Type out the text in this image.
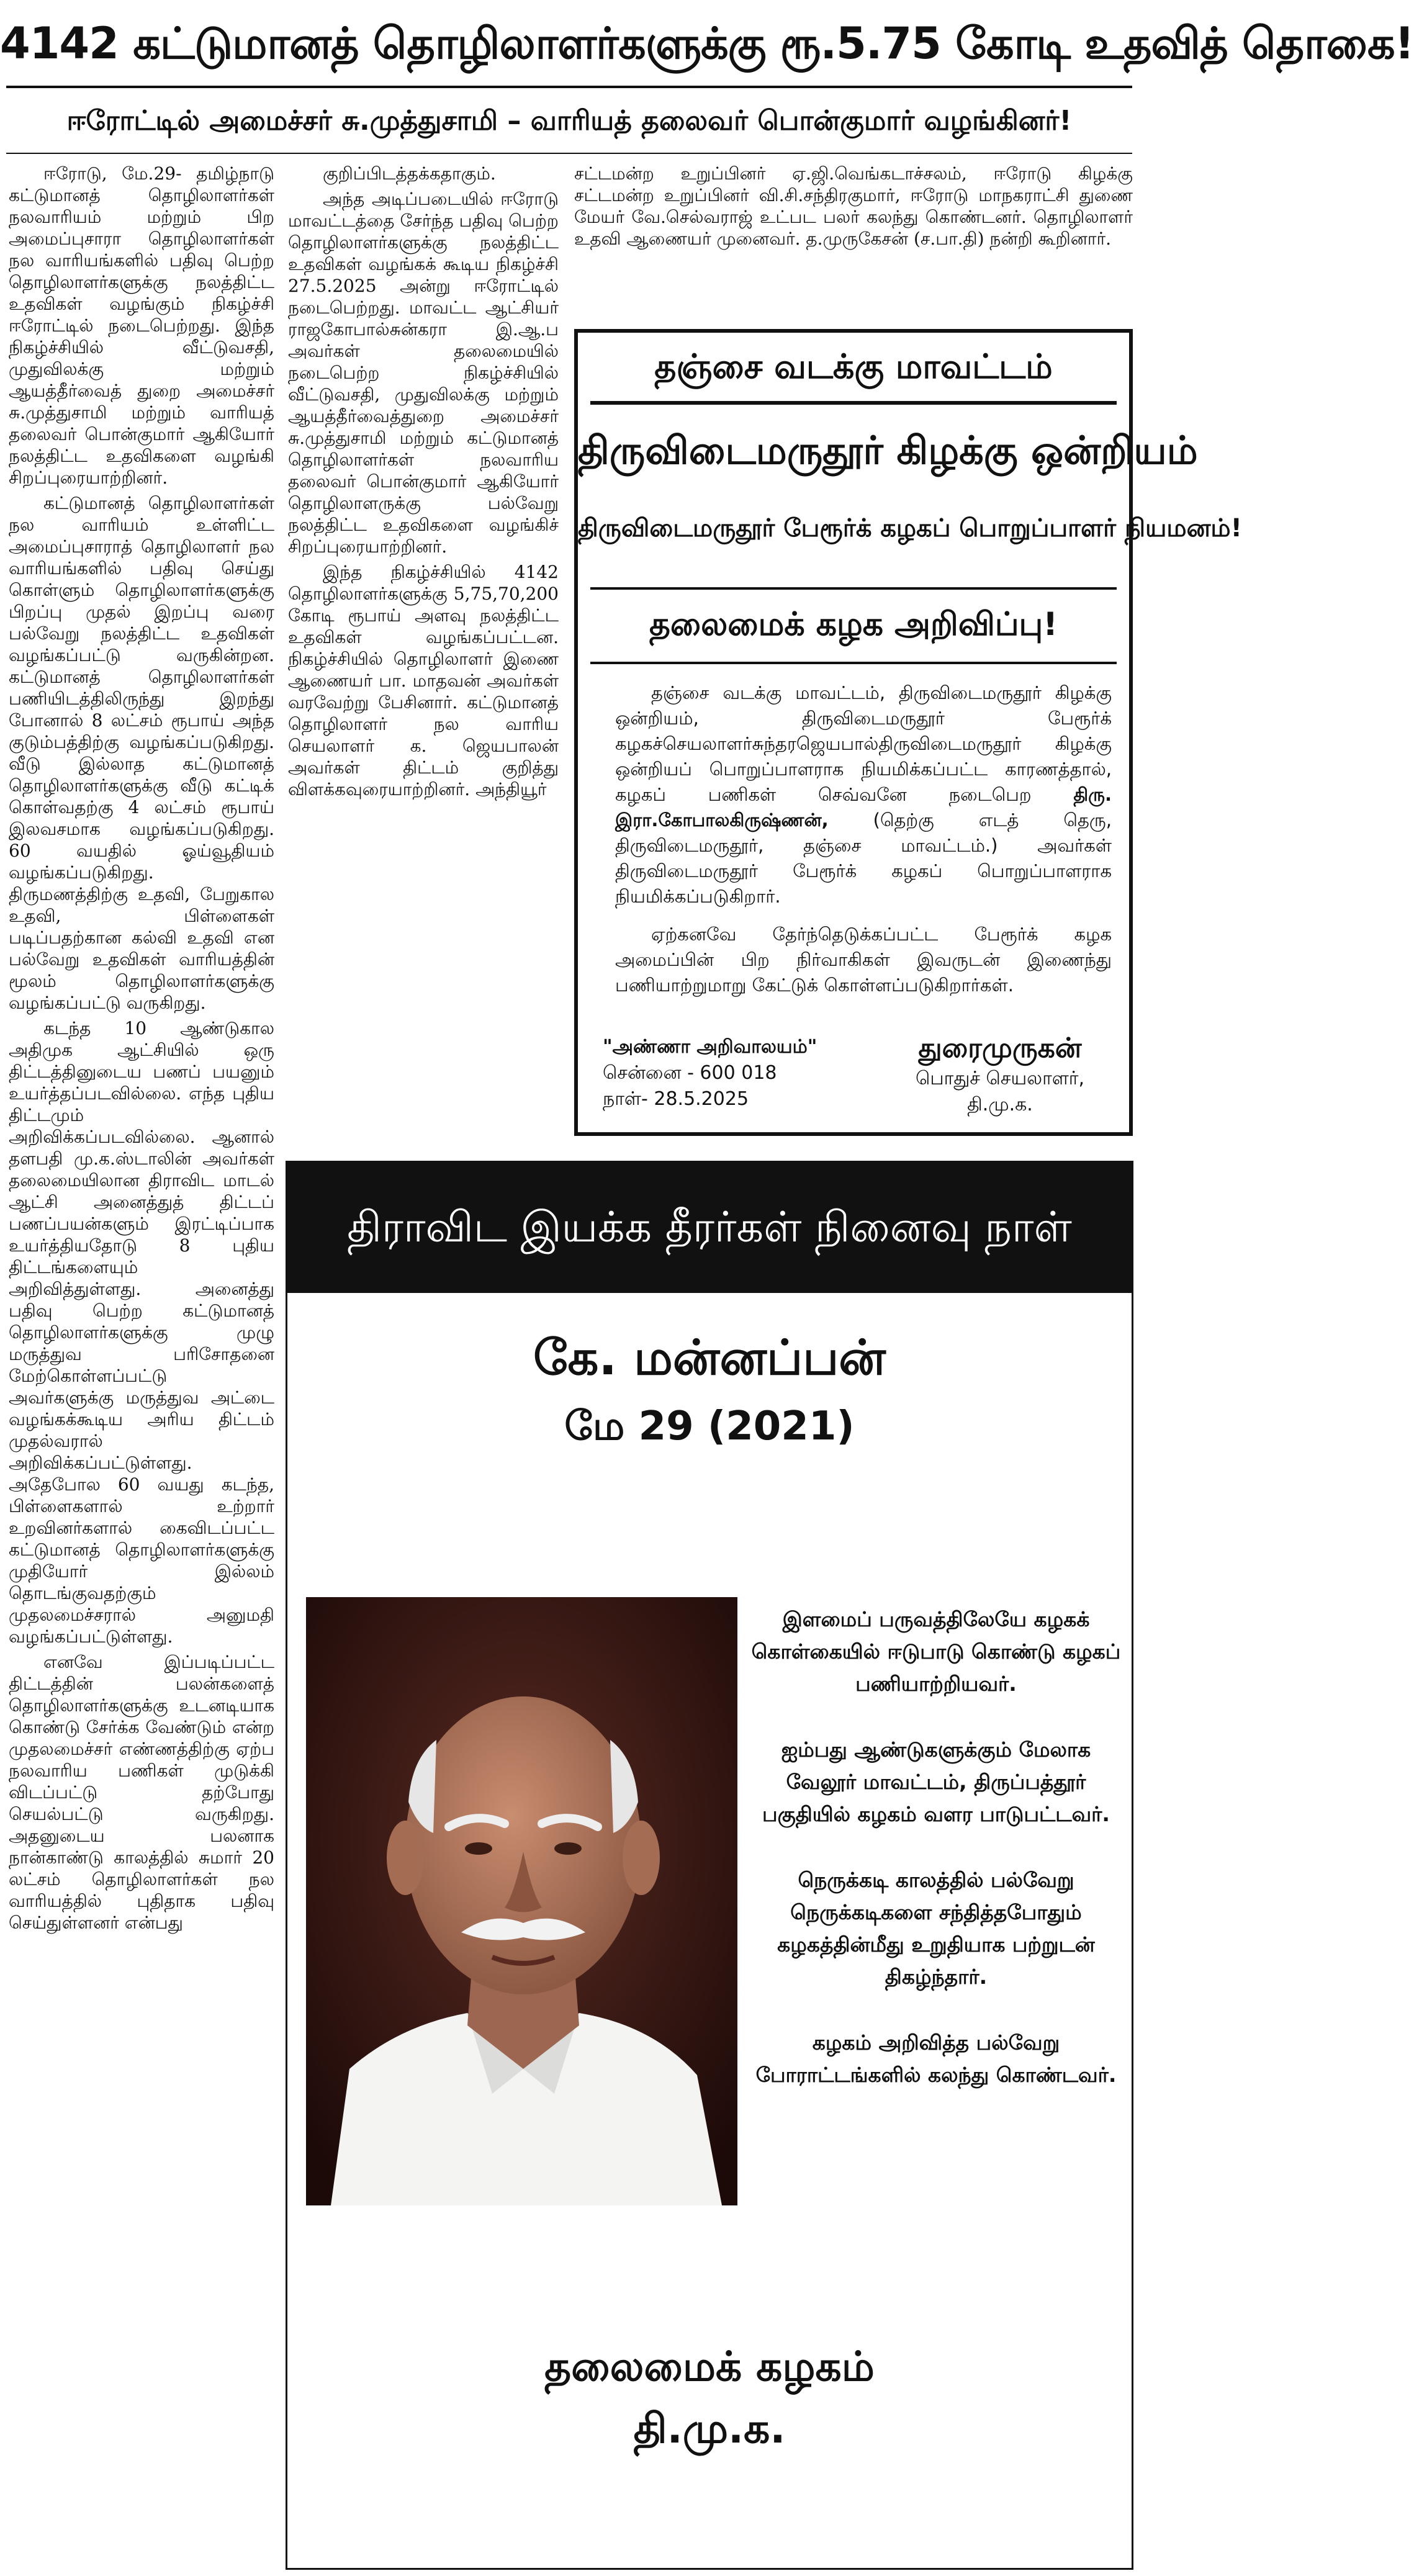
4142 கட்டுமானத் தொழிலாளர்களுக்கு ரூ.5.75 கோடி உதவித் தொகை!
ஈரோட்டில் அமைச்சர் சு.முத்துசாமி – வாரியத் தலைவர் பொன்குமார் வழங்கினர்!

ஈரோடு, மே.29- தமிழ்நாடு கட்டுமானத் தொழிலாளர்கள் நலவாரியம் மற்றும் பிற அமைப்புசாரா தொழிலாளர்கள் நல வாரியங்களில் பதிவு பெற்ற தொழிலாளர்களுக்கு நலத்திட்ட உதவிகள் வழங்கும் நிகழ்ச்சி ஈரோட்டில் நடைபெற்றது. இந்த நிகழ்ச்சியில் வீட்டுவசதி, முதுவிலக்கு மற்றும் ஆயத்தீர்வைத் துறை அமைச்சர் சு.முத்துசாமி மற்றும் வாரியத் தலைவர் பொன்குமார் ஆகியோர் நலத்திட்ட உதவிகளை வழங்கி சிறப்புரையாற்றினர்.

கட்டுமானத் தொழிலாளர்கள் நல வாரியம் உள்ளிட்ட அமைப்புசாராத் தொழிலாளர் நல வாரியங்களில் பதிவு செய்து கொள்ளும் தொழிலாளர்களுக்கு பிறப்பு முதல் இறப்பு வரை பல்வேறு நலத்திட்ட உதவிகள் வழங்கப்பட்டு வருகின்றன. கட்டுமானத் தொழிலாளர்கள் பணியிடத்திலிருந்து இறந்து போனால் 8 லட்சம் ரூபாய் அந்த குடும்பத்திற்கு வழங்கப்படுகிறது. வீடு இல்லாத கட்டுமானத் தொழிலாளர்களுக்கு வீடு கட்டிக் கொள்வதற்கு 4 லட்சம் ரூபாய் இலவசமாக வழங்கப்படுகிறது. 60 வயதில் ஓய்வூதியம் வழங்கப்படுகிறது. திருமணத்திற்கு உதவி, பேறுகால உதவி, பிள்ளைகள் படிப்பதற்கான கல்வி உதவி என பல்வேறு உதவிகள் வாரியத்தின் மூலம் தொழிலாளர்களுக்கு வழங்கப்பட்டு வருகிறது.

கடந்த 10 ஆண்டுகால அதிமுக ஆட்சியில் ஒரு திட்டத்தினுடைய பணப் பயனும் உயர்த்தப்படவில்லை. எந்த புதிய திட்டமும் அறிவிக்கப்படவில்லை. ஆனால் தளபதி மு.க.ஸ்டாலின் அவர்கள் தலைமையிலான திராவிட மாடல் ஆட்சி அனைத்துத் திட்டப் பணப்பயன்களும் இரட்டிப்பாக உயர்த்தியதோடு 8 புதிய திட்டங்களையும் அறிவித்துள்ளது. அனைத்து பதிவு பெற்ற கட்டுமானத் தொழிலாளர்களுக்கு முழு மருத்துவ பரிசோதனை மேற்கொள்ளப்பட்டு அவர்களுக்கு மருத்துவ அட்டை வழங்கக்கூடிய அரிய திட்டம் முதல்வரால் அறிவிக்கப்பட்டுள்ளது. அதேபோல 60 வயது கடந்த, பிள்ளைகளால் உற்றார் உறவினர்களால் கைவிடப்பட்ட கட்டுமானத் தொழிலாளர்களுக்கு முதியோர் இல்லம் தொடங்குவதற்கும் முதலமைச்சரால் அனுமதி வழங்கப்பட்டுள்ளது.

எனவே இப்படிப்பட்ட திட்டத்தின் பலன்களைத் தொழிலாளர்களுக்கு உடனடியாக கொண்டு சேர்க்க வேண்டும் என்ற முதலமைச்சர் எண்ணத்திற்கு ஏற்ப நலவாரிய பணிகள் முடுக்கி விடப்பட்டு தற்போது செயல்பட்டு வருகிறது. அதனுடைய பலனாக நான்காண்டு காலத்தில் சுமார் 20 லட்சம் தொழிலாளர்கள் நல வாரியத்தில் புதிதாக பதிவு செய்துள்ளனர் என்பது

குறிப்பிடத்தக்கதாகும்.

அந்த அடிப்படையில் ஈரோடு மாவட்டத்தை சேர்ந்த பதிவு பெற்ற தொழிலாளர்களுக்கு நலத்திட்ட உதவிகள் வழங்கக் கூடிய நிகழ்ச்சி 27.5.2025 அன்று ஈரோட்டில் நடைபெற்றது. மாவட்ட ஆட்சியர் ராஜகோபால்சுன்கரா இ.ஆ.ப அவர்கள் தலைமையில் நடைபெற்ற நிகழ்ச்சியில் வீட்டுவசதி, முதுவிலக்கு மற்றும் ஆயத்தீர்வைத்துறை அமைச்சர் சு.முத்துசாமி மற்றும் கட்டுமானத் தொழிலாளர்கள் நலவாரிய தலைவர் பொன்குமார் ஆகியோர் தொழிலாளருக்கு பல்வேறு நலத்திட்ட உதவிகளை வழங்கிச் சிறப்புரையாற்றினர்.

இந்த நிகழ்ச்சியில் 4142 தொழிலாளர்களுக்கு 5,75,70,200 கோடி ரூபாய் அளவு நலத்திட்ட உதவிகள் வழங்கப்பட்டன. நிகழ்ச்சியில் தொழிலாளர் இணை ஆணையர் பா. மாதவன் அவர்கள் வரவேற்று பேசினார். கட்டுமானத் தொழிலாளர் நல வாரிய செயலாளர் க. ஜெயபாலன் அவர்கள் திட்டம் குறித்து விளக்கவுரையாற்றினர். அந்தியூர்

சட்டமன்ற உறுப்பினர் ஏ.ஜி.வெங்கடாச்சலம், ஈரோடு கிழக்கு சட்டமன்ற உறுப்பினர் வி.சி.சந்திரகுமார், ஈரோடு மாநகராட்சி துணை மேயர் வே.செல்வராஜ் உட்பட பலர் கலந்து கொண்டனர். தொழிலாளர் உதவி ஆணையர் முனைவர். த.முருகேசன் (ச.பா.தி) நன்றி கூறினார்.

தஞ்சை வடக்கு மாவட்டம்
திருவிடைமருதூர் கிழக்கு ஒன்றியம்
திருவிடைமருதூர் பேரூர்க் கழகப் பொறுப்பாளர் நியமனம்!
தலைமைக் கழக அறிவிப்பு!

தஞ்சை வடக்கு மாவட்டம், திருவிடைமருதூர் கிழக்கு ஒன்றியம், திருவிடைமருதூர் பேரூர்க் கழகச்செயலாளர்சுந்தரஜெயபால்திருவிடைமருதூர் கிழக்கு ஒன்றியப் பொறுப்பாளராக நியமிக்கப்பட்ட காரணத்தால், கழகப் பணிகள் செவ்வனே நடைபெற திரு. இரா.கோபாலகிருஷ்ணன், (தெற்கு எடத் தெரு, திருவிடைமருதூர், தஞ்சை மாவட்டம்.) அவர்கள் திருவிடைமருதூர் பேரூர்க் கழகப் பொறுப்பாளராக நியமிக்கப்படுகிறார்.

ஏற்கனவே தேர்ந்தெடுக்கப்பட்ட பேரூர்க் கழக அமைப்பின் பிற நிர்வாகிகள் இவருடன் இணைந்து பணியாற்றுமாறு கேட்டுக் கொள்ளப்படுகிறார்கள்.

"அண்ணா அறிவாலயம்"
சென்னை - 600 018
நாள்- 28.5.2025
துரைமுருகன்
பொதுச் செயலாளர்,
தி.மு.க.
திராவிட இயக்க தீரர்கள் நினைவு நாள்
கே. மன்னப்பன்
மே 29 (2021)

இளமைப் பருவத்திலேயே கழகக் கொள்கையில் ஈடுபாடு கொண்டு கழகப் பணியாற்றியவர்.

ஐம்பது ஆண்டுகளுக்கும் மேலாக வேலூர் மாவட்டம், திருப்பத்தூர் பகுதியில் கழகம் வளர பாடுபட்டவர்.

நெருக்கடி காலத்தில் பல்வேறு நெருக்கடிகளை சந்தித்தபோதும் கழகத்தின்மீது உறுதியாக பற்றுடன் திகழ்ந்தார்.

கழகம் அறிவித்த பல்வேறு போராட்டங்களில் கலந்து கொண்டவர்.

தலைமைக் கழகம்
தி.மு.க.
